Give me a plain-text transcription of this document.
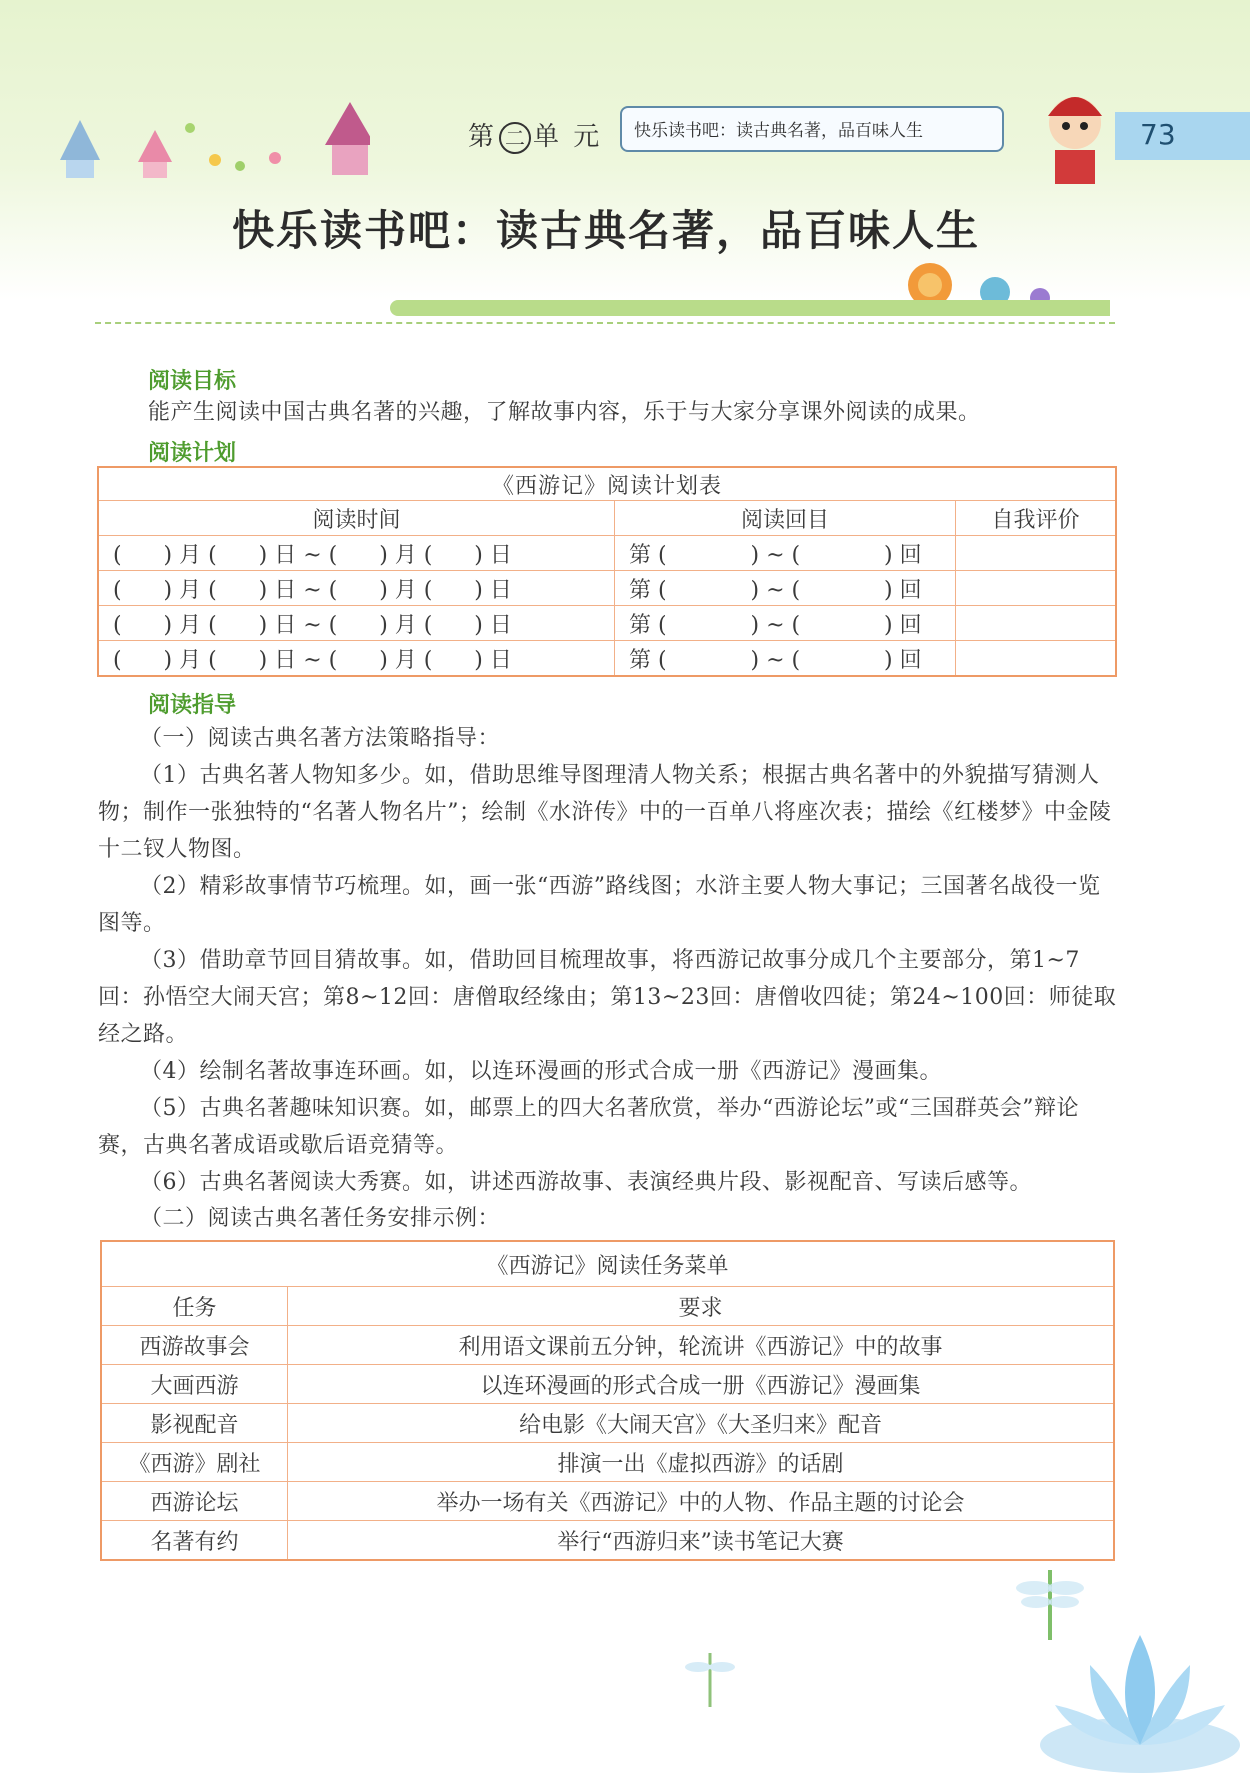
第 二 单 元 快乐读书吧：读古典名著，品百味人生	73
快乐读书吧：读古典名著，品百味人生
阅读目标
能产生阅读中国古典名著的兴趣，了解故事内容，乐于与大家分享课外阅读的成果。
阅读计划
《西游记》阅读计划表		
阅读时间	阅读回目	自我评价
(      ) 月 (      ) 日 ~ (      ) 月 (      ) 日	第 (            ) ~ (            ) 回	
(      ) 月 (      ) 日 ~ (      ) 月 (      ) 日	第 (            ) ~ (            ) 回	
(      ) 月 (      ) 日 ~ (      ) 月 (      ) 日	第 (            ) ~ (            ) 回	
(      ) 月 (      ) 日 ~ (      ) 月 (      ) 日	第 (            ) ~ (            ) 回	
阅读指导
（一）阅读古典名著方法策略指导：
（1）古典名著人物知多少。如，借助思维导图理清人物关系；根据古典名著中的外貌描写猜测人物；制作一张独特的“名著人物名片”；绘制《水浒传》中的一百单八将座次表；描绘《红楼梦》中金陵十二钗人物图。
（2）精彩故事情节巧梳理。如，画一张“西游”路线图；水浒主要人物大事记；三国著名战役一览图等。
（3）借助章节回目猜故事。如，借助回目梳理故事，将西游记故事分成几个主要部分，第1~7回：孙悟空大闹天宫；第8~12回：唐僧取经缘由；第13~23回：唐僧收四徒；第24~100回：师徒取经之路。
（4）绘制名著故事连环画。如，以连环漫画的形式合成一册《西游记》漫画集。
（5）古典名著趣味知识赛。如，邮票上的四大名著欣赏，举办“西游论坛”或“三国群英会”辩论赛，古典名著成语或歇后语竞猜等。
（6）古典名著阅读大秀赛。如，讲述西游故事、表演经典片段、影视配音、写读后感等。
（二）阅读古典名著任务安排示例：
《西游记》阅读任务菜单	
任务	要求
西游故事会	利用语文课前五分钟，轮流讲《西游记》中的故事
大画西游	以连环漫画的形式合成一册《西游记》漫画集
影视配音	给电影《大闹天宫》《大圣归来》配音
《西游》剧社	排演一出《虚拟西游》的话剧
西游论坛	举办一场有关《西游记》中的人物、作品主题的讨论会
名著有约	举行“西游归来”读书笔记大赛
